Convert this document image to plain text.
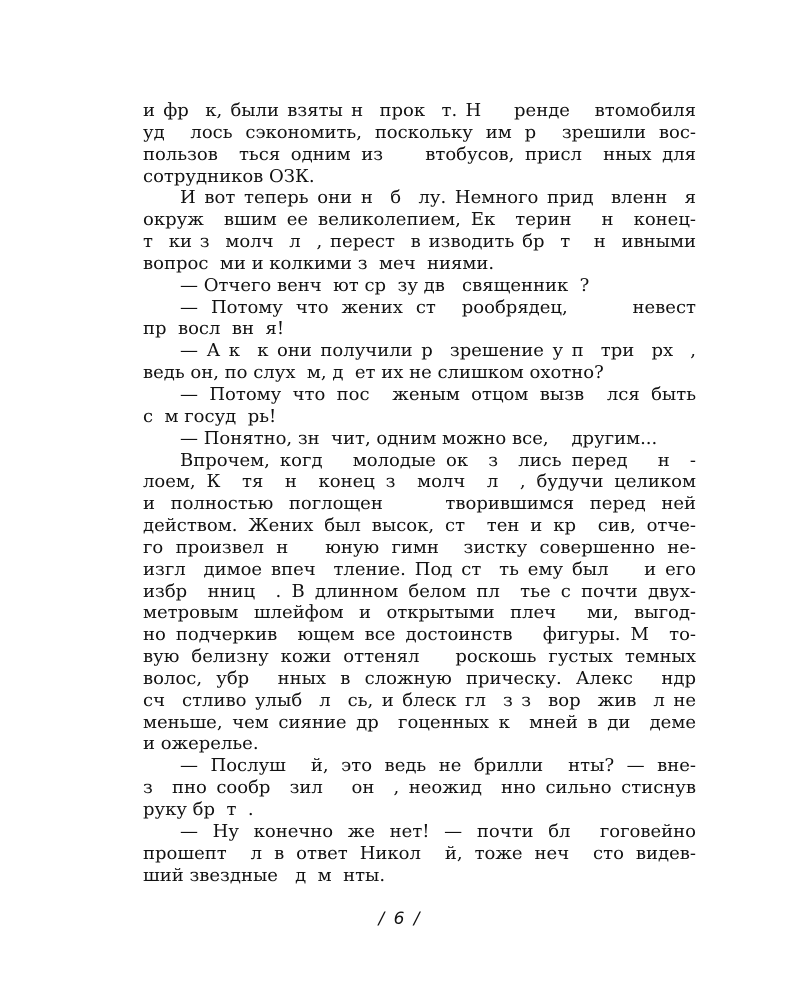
и фр  к, были взяты н  прок  т. Н    ренде   втомобиля
уд  лось сэкономить, поскольку им р  зрешили вос-
пользов  ться одним из    втобусов, присл  нных для
сотрудников ОЗК.
И вот теперь они н  б  лу. Немного прид  вленн  я
окруж  вшим ее великолепием, Ек  терин   н  конец-
т  ки з  молч  л  , перест  в изводить бр  т   н  ивными
вопрос  ми и колкими з  меч  ниями.
— Отчего венч  ют ср  зу дв   священник  ?
— Потому что жених ст  рообрядец,     невест
пр  восл  вн  я!
— А к  к они получили р  зрешение у п  три  рх  ,
ведь он, по слух  м, д  ет их не слишком охотно?
— Потому что пос  женым отцом вызв  лся быть
с  м госуд  рь!
— Понятно, зн  чит, одним можно все,    другим...
Впрочем, когд   молодые ок  з  лись перед   н  -
лоем, К  тя  н  конец з  молч  л  , будучи целиком
и полностью поглощен    творившимся перед ней
действом. Жених был высок, ст  тен и кр  сив, отче-
го произвел н   юную гимн  зистку совершенно не-
изгл  димое впеч  тление. Под ст  ть ему был    и его
избр  нниц  . В длинном белом пл  тье с почти двух-
метровым шлейфом и открытыми плеч  ми, выгод-
но подчеркив  ющем все достоинств   фигуры. М  то-
вую белизну кожи оттенял   роскошь густых темных
волос, убр  нных в сложную прическу. Алекс  ндр
сч  стливо улыб  л  сь, и блеск гл  з з  вор  жив  л не
меньше, чем сияние др  гоценных к  мней в ди  деме
и ожерелье.
— Послуш  й, это ведь не брилли  нты? — вне-
з  пно сообр  зил   он  , неожид  нно сильно стиснув
руку бр  т  .
— Ну конечно же нет! — почти бл  гоговейно
прошепт  л в ответ Никол  й, тоже неч  сто видев-
ший звездные   д  м  нты.
/ 6 /
